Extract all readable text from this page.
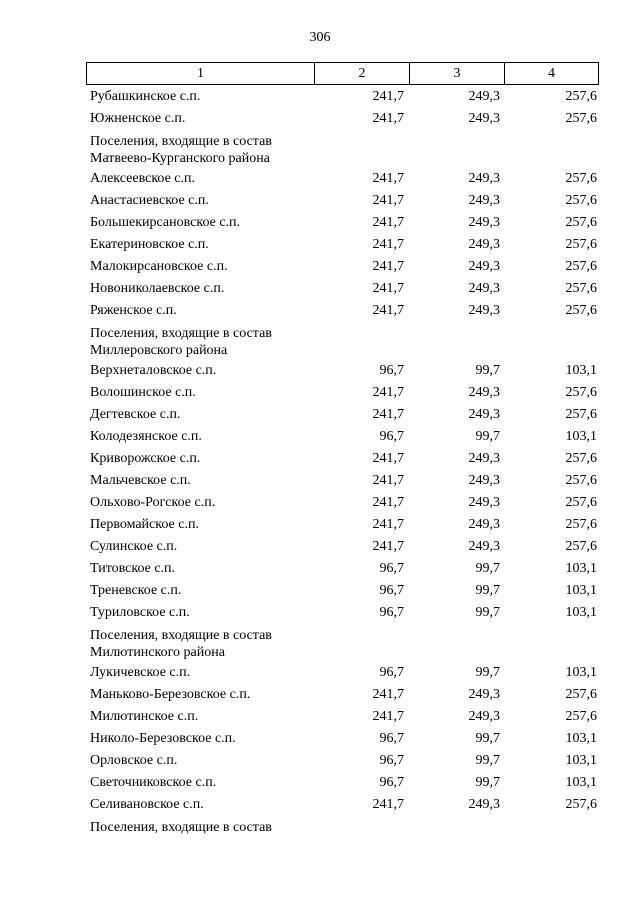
306
1	2	3	4
Рубашкинское с.п.	241,7	249,3	257,6
Южненское с.п.	241,7	249,3	257,6
Поселения, входящие в состав Матвеево-Курганского района
Алексеевское с.п.	241,7	249,3	257,6
Анастасиевское с.п.	241,7	249,3	257,6
Большекирсановское с.п.	241,7	249,3	257,6
Екатериновское с.п.	241,7	249,3	257,6
Малокирсановское с.п.	241,7	249,3	257,6
Новониколаевское с.п.	241,7	249,3	257,6
Ряженское с.п.	241,7	249,3	257,6
Поселения, входящие в состав Миллеровского района
Верхнеталовское с.п.	96,7	99,7	103,1
Волошинское с.п.	241,7	249,3	257,6
Дегтевское с.п.	241,7	249,3	257,6
Колодезянское с.п.	96,7	99,7	103,1
Криворожское с.п.	241,7	249,3	257,6
Мальчевское с.п.	241,7	249,3	257,6
Ольхово-Рогское с.п.	241,7	249,3	257,6
Первомайское с.п.	241,7	249,3	257,6
Сулинское с.п.	241,7	249,3	257,6
Титовское с.п.	96,7	99,7	103,1
Треневское с.п.	96,7	99,7	103,1
Туриловское с.п.	96,7	99,7	103,1
Поселения, входящие в состав Милютинского района
Лукичевское с.п.	96,7	99,7	103,1
Маньково-Березовское с.п.	241,7	249,3	257,6
Милютинское с.п.	241,7	249,3	257,6
Николо-Березовское с.п.	96,7	99,7	103,1
Орловское с.п.	96,7	99,7	103,1
Светочниковское с.п.	96,7	99,7	103,1
Селивановское с.п.	241,7	249,3	257,6
Поселения, входящие в состав
